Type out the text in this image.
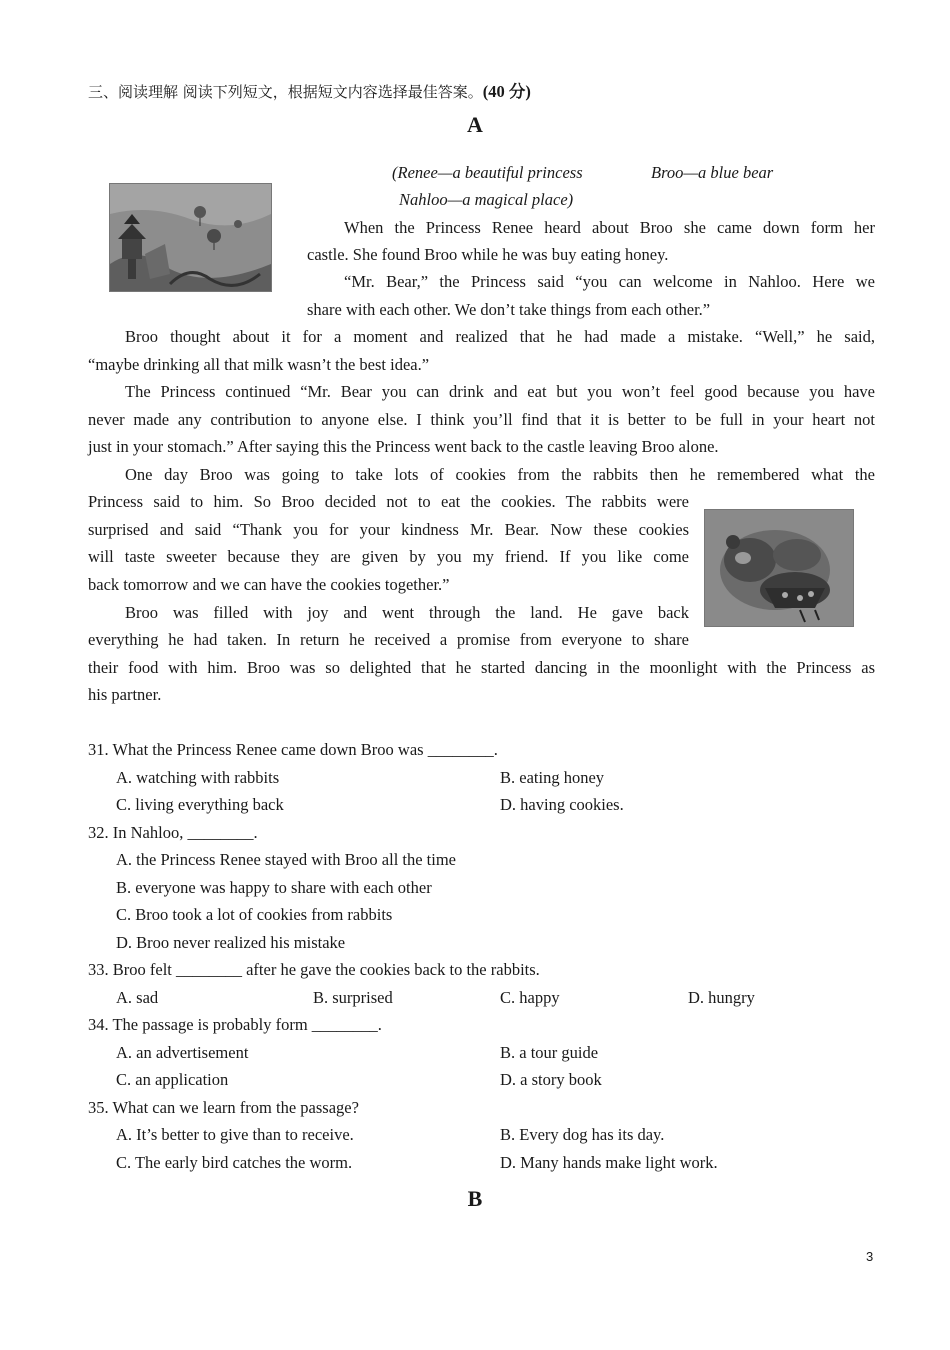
三、阅读理解 阅读下列短文，根据短文内容选择最佳答案。(40 分)
A
(Renee—a beautiful princess	Broo—a blue bear
Nahloo—a magical place)
When the Princess Renee heard about Broo she came down form her
castle. She found Broo while he was buy eating honey.
“Mr. Bear,” the Princess said “you can welcome in Nahloo. Here we
share with each other. We don’t take things from each other.”
Broo thought about it for a moment and realized that he had made a mistake. “Well,” he said,
“maybe drinking all that milk wasn’t the best idea.”
The Princess continued “Mr. Bear you can drink and eat but you won’t feel good because you have
never made any contribution to anyone else. I think you’ll find that it is better to be full in your heart not
just in your stomach.” After saying this the Princess went back to the castle leaving Broo alone.
One day Broo was going to take lots of cookies from the rabbits then he remembered what the
Princess said to him. So Broo decided not to eat the cookies. The rabbits were
surprised and said “Thank you for your kindness Mr. Bear. Now these cookies
will taste sweeter because they are given by you my friend. If you like come
back tomorrow and we can have the cookies together.”
Broo was filled with joy and went through the land. He gave back
everything he had taken. In return he received a promise from everyone to share
their food with him. Broo was so delighted that he started dancing in the moonlight with the Princess as
his partner.
31. What the Princess Renee came down Broo was ________.
A. watching with rabbits	B. eating honey
C. living everything back	D. having cookies.
32. In Nahloo, ________.
A. the Princess Renee stayed with Broo all the time
B. everyone was happy to share with each other
C. Broo took a lot of cookies from rabbits
D. Broo never realized his mistake
33. Broo felt ________ after he gave the cookies back to the rabbits.
A. sad	B. surprised	C. happy	D. hungry
34. The passage is probably form ________.
A. an advertisement	B. a tour guide
C. an application	D. a story book
35. What can we learn from the passage?
A. It’s better to give than to receive.	B. Every dog has its day.
C. The early bird catches the worm.	D. Many hands make light work.
B
3
